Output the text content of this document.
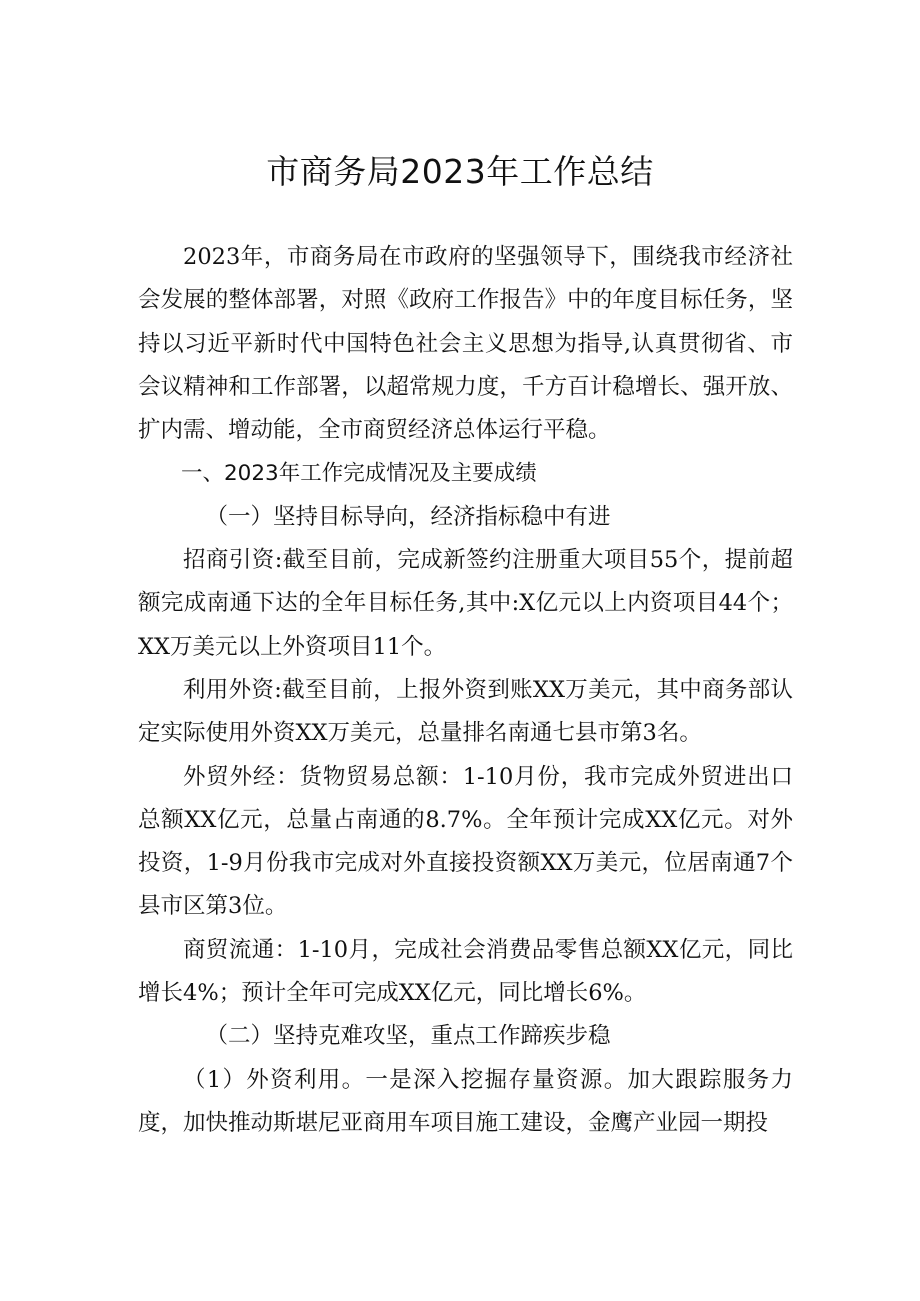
市商务局2023年工作总结

2023年，市商务局在市政府的坚强领导下，围绕我市经济社会发展的整体部署，对照《政府工作报告》中的年度目标任务，坚持以习近平新时代中国特色社会主义思想为指导,认真贯彻省、市会议精神和工作部署，以超常规力度，千方百计稳增长、强开放、扩内需、增动能，全市商贸经济总体运行平稳。

一、2023年工作完成情况及主要成绩

（一）坚持目标导向，经济指标稳中有进

招商引资:截至目前，完成新签约注册重大项目55个，提前超额完成南通下达的全年目标任务,其中:X亿元以上内资项目44个；XX万美元以上外资项目11个。

利用外资:截至目前，上报外资到账XX万美元，其中商务部认定实际使用外资XX万美元，总量排名南通七县市第3名。

外贸外经：货物贸易总额：1-10月份，我市完成外贸进出口总额XX亿元，总量占南通的8.7%。全年预计完成XX亿元。对外投资，1-9月份我市完成对外直接投资额XX万美元，位居南通7个县市区第3位。

商贸流通：1-10月，完成社会消费品零售总额XX亿元，同比增长4%；预计全年可完成XX亿元，同比增长6%。

（二）坚持克难攻坚，重点工作蹄疾步稳

（1）外资利用。一是深入挖掘存量资源。加大跟踪服务力度，加快推动斯堪尼亚商用车项目施工建设，金鹰产业园一期投
